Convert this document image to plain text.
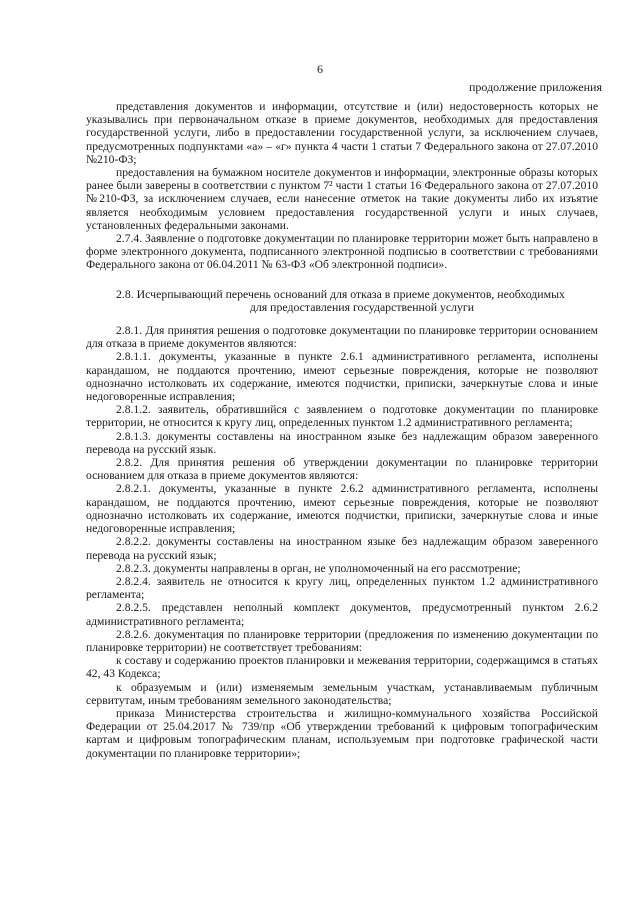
6
продолжение приложения

представления документов и информации, отсутствие и (или) недостоверность которых не указывались при первоначальном отказе в приеме документов, необходимых для предоставления государственной услуги, либо в предоставлении государственной услуги, за исключением случаев, предусмотренных подпунктами «а» – «г» пункта 4 части 1 статьи 7 Федерального закона от 27.07.2010 №210-ФЗ;

предоставления на бумажном носителе документов и информации, электронные образы которых ранее были заверены в соответствии с пунктом 7² части 1 статьи 16 Федерального закона от 27.07.2010 №210-ФЗ, за исключением случаев, если нанесение отметок на такие документы либо их изъятие является необходимым условием предоставления государственной услуги и иных случаев, установленных федеральными законами.

2.7.4. Заявление о подготовке документации по планировке территории может быть направлено в форме электронного документа, подписанного электронной подписью в соответствии с требованиями Федерального закона от 06.04.2011 № 63-ФЗ «Об электронной подписи».

2.8. Исчерпывающий перечень оснований для отказа в приеме документов, необходимых
для предоставления государственной услуги

2.8.1. Для принятия решения о подготовке документации по планировке территории основанием для отказа в приеме документов являются:

2.8.1.1. документы, указанные в пункте 2.6.1 административного регламента, исполнены карандашом, не поддаются прочтению, имеют серьезные повреждения, которые не позволяют однозначно истолковать их содержание, имеются подчистки, приписки, зачеркнутые слова и иные недоговоренные исправления;

2.8.1.2. заявитель, обратившийся с заявлением о подготовке документации по планировке территории, не относится к кругу лиц, определенных пунктом 1.2 административного регламента;

2.8.1.3. документы составлены на иностранном языке без надлежащим образом заверенного перевода на русский язык.

2.8.2. Для принятия решения об утверждении документации по планировке территории основанием для отказа в приеме документов являются:

2.8.2.1. документы, указанные в пункте 2.6.2 административного регламента, исполнены карандашом, не поддаются прочтению, имеют серьезные повреждения, которые не позволяют однозначно истолковать их содержание, имеются подчистки, приписки, зачеркнутые слова и иные недоговоренные исправления;

2.8.2.2. документы составлены на иностранном языке без надлежащим образом заверенного перевода на русский язык;

2.8.2.3. документы направлены в орган, не уполномоченный на его рассмотрение;

2.8.2.4. заявитель не относится к кругу лиц, определенных пунктом 1.2 административного регламента;

2.8.2.5. представлен неполный комплект документов, предусмотренный пунктом 2.6.2 административного регламента;

2.8.2.6. документация по планировке территории (предложения по изменению документации по планировке территории) не соответствует требованиям:

к составу и содержанию проектов планировки и межевания территории, содержащимся в статьях 42, 43 Кодекса;

к образуемым и (или) изменяемым земельным участкам, устанавливаемым публичным сервитутам, иным требованиям земельного законодательства;

приказа Министерства строительства и жилищно-коммунального хозяйства Российской Федерации от 25.04.2017 № 739/пр «Об утверждении требований к цифровым топографическим картам и цифровым топографическим планам, используемым при подготовке графической части документации по планировке территории»;
